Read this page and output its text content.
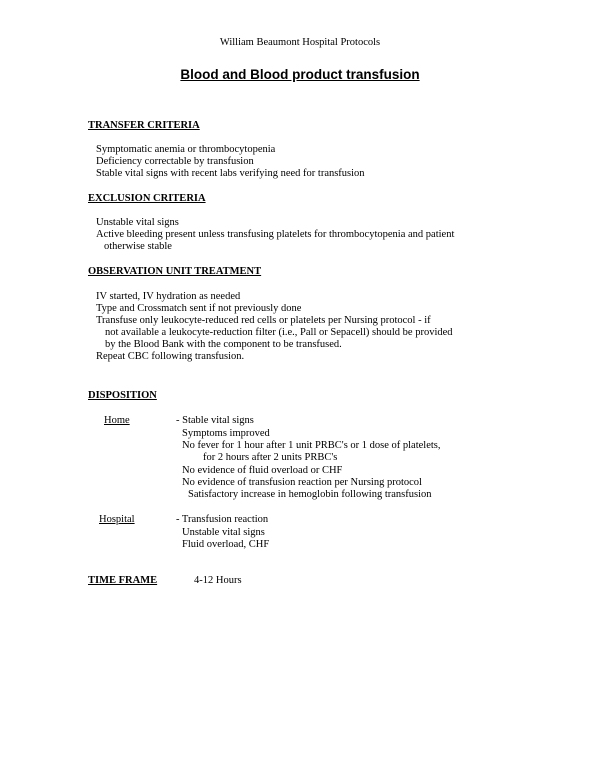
William Beaumont Hospital Protocols
Blood and Blood product transfusion
TRANSFER CRITERIA
Symptomatic anemia or thrombocytopenia
Deficiency correctable by transfusion
Stable vital signs with recent labs verifying need for transfusion
EXCLUSION CRITERIA
Unstable vital signs
Active bleeding present unless transfusing platelets for thrombocytopenia and patient
otherwise stable
OBSERVATION UNIT TREATMENT
IV started, IV hydration as needed
Type and Crossmatch sent if not previously done
Transfuse only leukocyte-reduced red cells or platelets per Nursing protocol - if
not available a leukocyte-reduction filter (i.e., Pall or Sepacell) should be provided
by the Blood Bank with the component to be transfused.
Repeat CBC following transfusion.
DISPOSITION
Home	- Stable vital signs
Symptoms improved
No fever for 1 hour after 1 unit PRBC's or 1 dose of platelets,
for 2 hours after 2 units PRBC's
No evidence of fluid overload or CHF
No evidence of transfusion reaction per Nursing protocol
Satisfactory increase in hemoglobin following transfusion
Hospital	- Transfusion reaction
Unstable vital signs
Fluid overload, CHF
TIME FRAME	4-12 Hours
